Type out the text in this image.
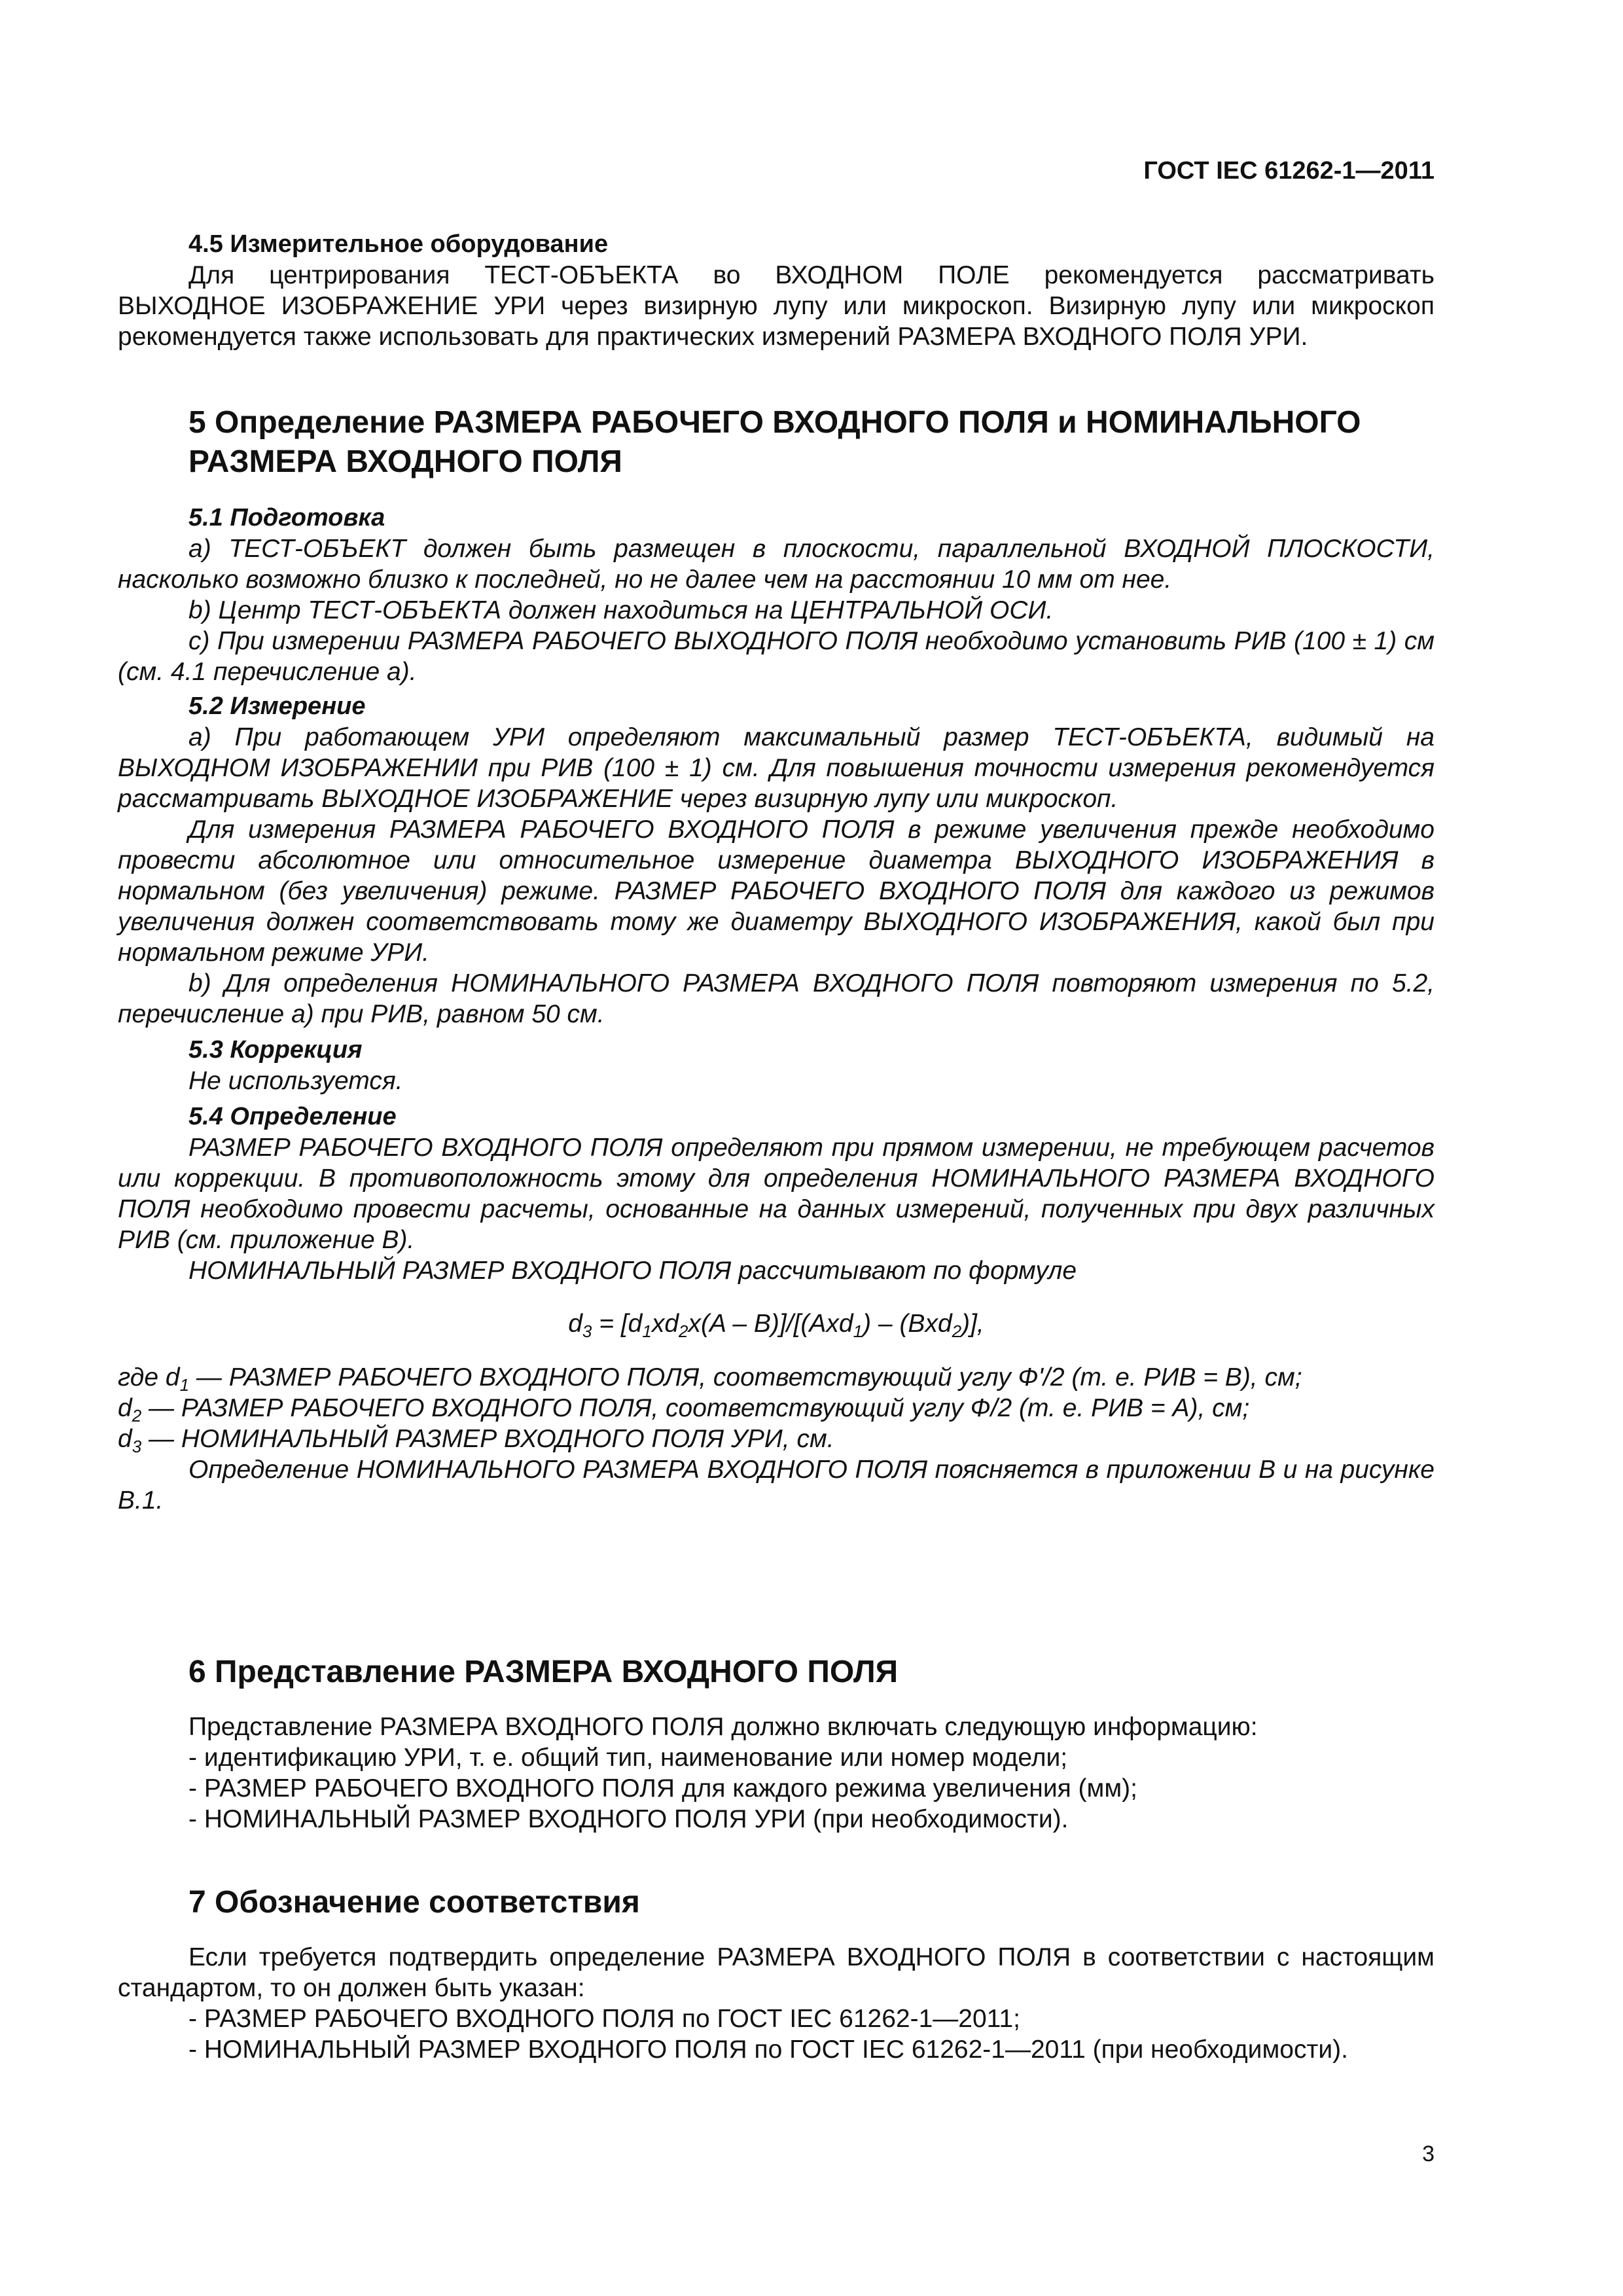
ГОСТ IEC 61262-1—2011

4.5 Измерительное оборудование

Для центрирования ТЕСТ-ОБЪЕКТА во ВХОДНОМ ПОЛЕ рекомендуется рассматривать

ВЫХОДНОЕ ИЗОБРАЖЕНИЕ УРИ через визирную лупу или микроскоп. Визирную лупу или микроскоп рекомендуется также использовать для практических измерений РАЗМЕРА ВХОДНОГО ПОЛЯ УРИ.

5 Определение РАЗМЕРА РАБОЧЕГО ВХОДНОГО ПОЛЯ и НОМИНАЛЬНОГО

РАЗМЕРА ВХОДНОГО ПОЛЯ

5.1 Подготовка

a) ТЕСТ-ОБЪЕКТ должен быть размещен в плоскости, параллельной ВХОДНОЙ ПЛОСКОСТИ, насколько возможно близко к последней, но не далее чем на расстоянии 10 мм от нее.

b) Центр ТЕСТ-ОБЪЕКТА должен находиться на ЦЕНТРАЛЬНОЙ ОСИ.

c) При измерении РАЗМЕРА РАБОЧЕГО ВЫХОДНОГО ПОЛЯ необходимо установить РИВ (100 ± 1) см (см. 4.1 перечисление а).

5.2 Измерение

a) При работающем УРИ определяют максимальный размер ТЕСТ-ОБЪЕКТА, видимый на ВЫХОДНОМ ИЗОБРАЖЕНИИ при РИВ (100 ± 1) см. Для повышения точности измерения рекомендуется рассматривать ВЫХОДНОЕ ИЗОБРАЖЕНИЕ через визирную лупу или микроскоп.

Для измерения РАЗМЕРА РАБОЧЕГО ВХОДНОГО ПОЛЯ в режиме увеличения прежде необходимо провести абсолютное или относительное измерение диаметра ВЫХОДНОГО ИЗОБРАЖЕНИЯ в нормальном (без увеличения) режиме. РАЗМЕР РАБОЧЕГО ВХОДНОГО ПОЛЯ для каждого из режимов увеличения должен соответствовать тому же диаметру ВЫХОДНОГО ИЗОБРАЖЕНИЯ, какой был при нормальном режиме УРИ.

b) Для определения НОМИНАЛЬНОГО РАЗМЕРА ВХОДНОГО ПОЛЯ повторяют измерения по 5.2, перечисление а) при РИВ, равном 50 см.

5.3 Коррекция

Не используется.

5.4 Определение

РАЗМЕР РАБОЧЕГО ВХОДНОГО ПОЛЯ определяют при прямом измерении, не требующем расчетов или коррекции. В противоположность этому для определения НОМИНАЛЬНОГО РАЗМЕРА ВХОДНОГО ПОЛЯ необходимо провести расчеты, основанные на данных измерений, полученных при двух различных РИВ (см. приложение В).

НОМИНАЛЬНЫЙ РАЗМЕР ВХОДНОГО ПОЛЯ рассчитывают по формуле

$d_3 = [d_1xd_2x(A - B)]/[(Axd_1) - (Bxd_2)]$,

где $d_1$ — РАЗМЕР РАБОЧЕГО ВХОДНОГО ПОЛЯ, соответствующий углу Ф'/2 (т. е. РИВ = В), см;

$d_2$ — РАЗМЕР РАБОЧЕГО ВХОДНОГО ПОЛЯ, соответствующий углу Ф/2 (т. е. РИВ = А), см;

$d_3$ — НОМИНАЛЬНЫЙ РАЗМЕР ВХОДНОГО ПОЛЯ УРИ, см.

Определение НОМИНАЛЬНОГО РАЗМЕРА ВХОДНОГО ПОЛЯ поясняется в приложении В и на рисунке В.1.

6 Представление РАЗМЕРА ВХОДНОГО ПОЛЯ

Представление РАЗМЕРА ВХОДНОГО ПОЛЯ должно включать следующую информацию:

- идентификацию УРИ, т. е. общий тип, наименование или номер модели;

- РАЗМЕР РАБОЧЕГО ВХОДНОГО ПОЛЯ для каждого режима увеличения (мм);

- НОМИНАЛЬНЫЙ РАЗМЕР ВХОДНОГО ПОЛЯ УРИ (при необходимости).

7 Обозначение соответствия

Если требуется подтвердить определение РАЗМЕРА ВХОДНОГО ПОЛЯ в соответствии с настоящим стандартом, то он должен быть указан:

- РАЗМЕР РАБОЧЕГО ВХОДНОГО ПОЛЯ по ГОСТ IEC 61262-1—2011;

- НОМИНАЛЬНЫЙ РАЗМЕР ВХОДНОГО ПОЛЯ по ГОСТ IEC 61262-1—2011 (при необходимости).

3
